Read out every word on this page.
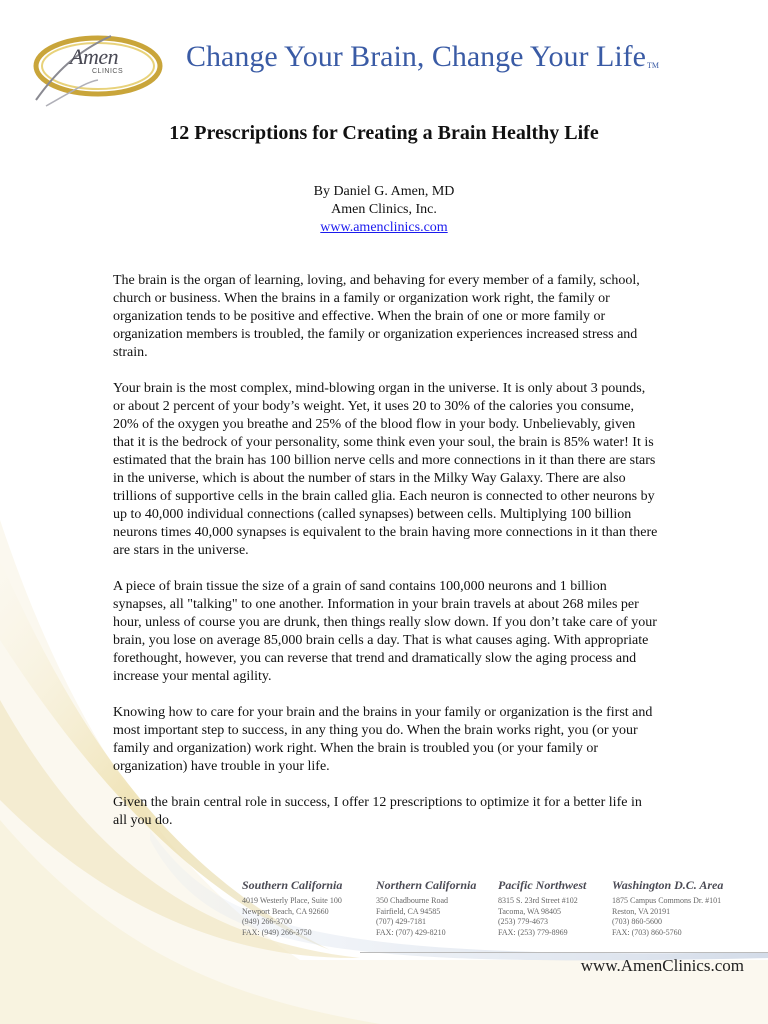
Amen
CLINICS Change Your Brain, Change Your LifeTM
12 Prescriptions for Creating a Brain Healthy Life
By Daniel G. Amen, MD
Amen Clinics, Inc.
www.amenclinics.com

The brain is the organ of learning, loving, and behaving for every member of a family, school, church or business. When the brains in a family or organization work right, the family or organization tends to be positive and effective. When the brain of one or more family or organization members is troubled, the family or organization experiences increased stress and strain.

Your brain is the most complex, mind-blowing organ in the universe. It is only about 3 pounds, or about 2 percent of your body’s weight. Yet, it uses 20 to 30% of the calories you consume, 20% of the oxygen you breathe and 25% of the blood flow in your body. Unbelievably, given that it is the bedrock of your personality, some think even your soul, the brain is 85% water! It is estimated that the brain has 100 billion nerve cells and more connections in it than there are stars in the universe, which is about the number of stars in the Milky Way Galaxy. There are also trillions of supportive cells in the brain called glia. Each neuron is connected to other neurons by up to 40,000 individual connections (called synapses) between cells. Multiplying 100 billion neurons times 40,000 synapses is equivalent to the brain having more connections in it than there are stars in the universe.

A piece of brain tissue the size of a grain of sand contains 100,000 neurons and 1 billion synapses, all "talking" to one another. Information in your brain travels at about 268 miles per hour, unless of course you are drunk, then things really slow down. If you don’t take care of your brain, you lose on average 85,000 brain cells a day. That is what causes aging. With appropriate forethought, however, you can reverse that trend and dramatically slow the aging process and increase your mental agility.

Knowing how to care for your brain and the brains in your family or organization is the first and most important step to success, in any thing you do. When the brain works right, you (or your family and organization) work right. When the brain is troubled you (or your family or organization) have trouble in your life.

Given the brain central role in success, I offer 12 prescriptions to optimize it for a better life in all you do.

Southern California
4019 Westerly Place, Suite 100
Newport Beach, CA 92660
(949) 266-3700
FAX: (949) 266-3750
Northern California
350 Chadbourne Road
Fairfield, CA 94585
(707) 429-7181
FAX: (707) 429-8210
Pacific Northwest
8315 S. 23rd Street #102
Tacoma, WA 98405
(253) 779-4673
FAX: (253) 779-8969
Washington D.C. Area
1875 Campus Commons Dr. #101
Reston, VA 20191
(703) 860-5600
FAX: (703) 860-5760
www.AmenClinics.com
